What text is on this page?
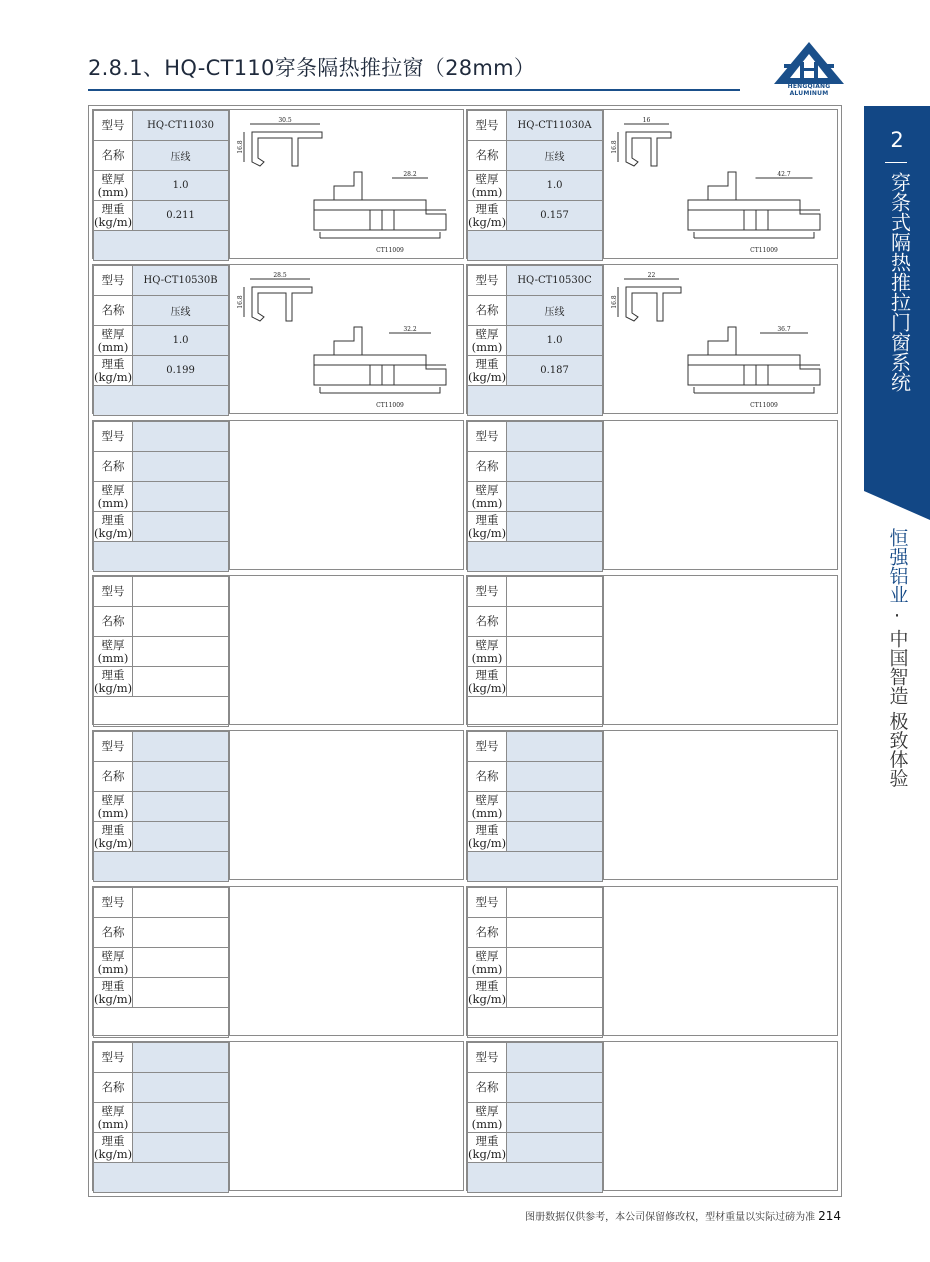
2.8.1、HQ-CT110穿条隔热推拉窗（28mm）
HENGQIANG ALUMINUM
2
穿条式隔热推拉门窗系统
恒强铝业
·
中国智造 极致体验
型号	HQ-CT11030
名称	压线
壁厚
(mm)	1.0
理重
(kg/m)	0.211

30.5
16.8
28.2
CT11009
型号	HQ-CT11030A
名称	压线
壁厚
(mm)	1.0
理重
(kg/m)	0.157

16
16.8
42.7
CT11009
型号	HQ-CT10530B
名称	压线
壁厚
(mm)	1.0
理重
(kg/m)	0.199

28.5
16.8
32.2
CT11009
型号	HQ-CT10530C
名称	压线
壁厚
(mm)	1.0
理重
(kg/m)	0.187

22
16.8
36.7
CT11009
型号	
名称	
壁厚
(mm)	
理重
(kg/m)	

型号	
名称	
壁厚
(mm)	
理重
(kg/m)	

型号	
名称	
壁厚
(mm)	
理重
(kg/m)	

型号	
名称	
壁厚
(mm)	
理重
(kg/m)	

型号	
名称	
壁厚
(mm)	
理重
(kg/m)	

型号	
名称	
壁厚
(mm)	
理重
(kg/m)	

型号	
名称	
壁厚
(mm)	
理重
(kg/m)	

型号	
名称	
壁厚
(mm)	
理重
(kg/m)	

型号	
名称	
壁厚
(mm)	
理重
(kg/m)	

型号	
名称	
壁厚
(mm)	
理重
(kg/m)	

图册数据仅供参考，本公司保留修改权，型材重量以实际过磅为准 214
